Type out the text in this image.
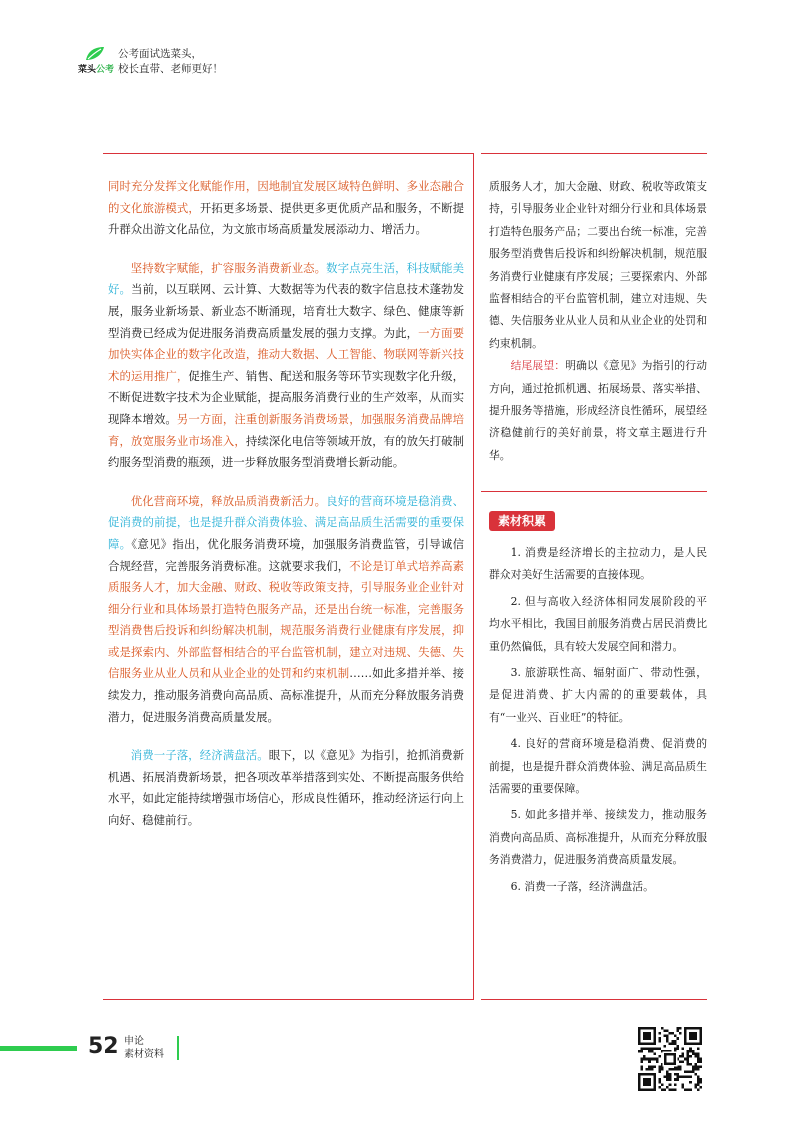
菜头公考
公考面试选菜头，
校长直带、老师更好！

同时充分发挥文化赋能作用，因地制宜发展区域特色鲜明、多业态融合的文化旅游模式，开拓更多场景、提供更多更优质产品和服务，不断提升群众出游文化品位，为文旅市场高质量发展添动力、增活力。

坚持数字赋能，扩容服务消费新业态。数字点亮生活，科技赋能美好。当前，以互联网、云计算、大数据等为代表的数字信息技术蓬勃发展，服务业新场景、新业态不断涌现，培育壮大数字、绿色、健康等新型消费已经成为促进服务消费高质量发展的强力支撑。为此，一方面要加快实体企业的数字化改造，推动大数据、人工智能、物联网等新兴技术的运用推广，促推生产、销售、配送和服务等环节实现数字化升级，不断促进数字技术为企业赋能，提高服务消费行业的生产效率，从而实现降本增效。另一方面，注重创新服务消费场景，加强服务消费品牌培育，放宽服务业市场准入，持续深化电信等领域开放，有的放矢打破制约服务型消费的瓶颈，进一步释放服务型消费增长新动能。

优化营商环境，释放品质消费新活力。良好的营商环境是稳消费、促消费的前提，也是提升群众消费体验、满足高品质生活需要的重要保障。《意见》指出，优化服务消费环境，加强服务消费监管，引导诚信合规经营，完善服务消费标准。这就要求我们，不论是订单式培养高素质服务人才，加大金融、财政、税收等政策支持，引导服务业企业针对细分行业和具体场景打造特色服务产品，还是出台统一标准，完善服务型消费售后投诉和纠纷解决机制，规范服务消费行业健康有序发展，抑或是探索内、外部监督相结合的平台监管机制，建立对违规、失德、失信服务业从业人员和从业企业的处罚和约束机制……如此多措并举、接续发力，推动服务消费向高品质、高标准提升，从而充分释放服务消费潜力，促进服务消费高质量发展。

消费一子落，经济满盘活。眼下，以《意见》为指引，抢抓消费新机遇、拓展消费新场景，把各项改革举措落到实处、不断提高服务供给水平，如此定能持续增强市场信心，形成良性循环，推动经济运行向上向好、稳健前行。

质服务人才，加大金融、财政、税收等政策支持，引导服务业企业针对细分行业和具体场景打造特色服务产品；二要出台统一标准，完善服务型消费售后投诉和纠纷解决机制，规范服务消费行业健康有序发展；三要探索内、外部监督相结合的平台监管机制，建立对违规、失德、失信服务业从业人员和从业企业的处罚和约束机制。

结尾展望：明确以《意见》为指引的行动方向，通过抢抓机遇、拓展场景、落实举措、提升服务等措施，形成经济良性循环，展望经济稳健前行的美好前景，将文章主题进行升华。

素材积累

1. 消费是经济增长的主拉动力，是人民群众对美好生活需要的直接体现。

2. 但与高收入经济体相同发展阶段的平均水平相比，我国目前服务消费占居民消费比重仍然偏低，具有较大发展空间和潜力。

3. 旅游联性高、辐射面广、带动性强，是促进消费、扩大内需的的重要载体，具有“一业兴、百业旺”的特征。

4. 良好的营商环境是稳消费、促消费的前提，也是提升群众消费体验、满足高品质生活需要的重要保障。

5. 如此多措并举、接续发力，推动服务消费向高品质、高标准提升，从而充分释放服务消费潜力，促进服务消费高质量发展。

6. 消费一子落，经济满盘活。

52 申论
素材资料
